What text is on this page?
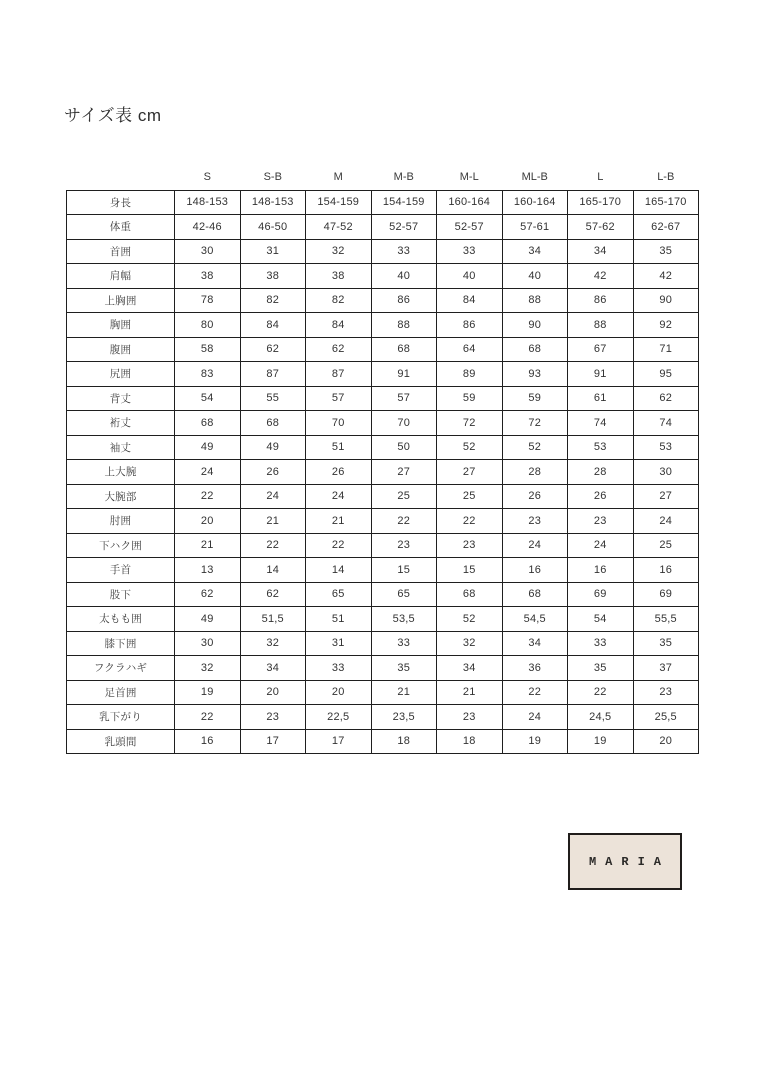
サイズ表 cm
	S	S-B	M	M-B	M-L	ML-B	L	L-B
身長	148-153	148-153	154-159	154-159	160-164	160-164	165-170	165-170
体重	42-46	46-50	47-52	52-57	52-57	57-61	57-62	62-67
首囲	30	31	32	33	33	34	34	35
肩幅	38	38	38	40	40	40	42	42
上胸囲	78	82	82	86	84	88	86	90
胸囲	80	84	84	88	86	90	88	92
腹囲	58	62	62	68	64	68	67	71
尻囲	83	87	87	91	89	93	91	95
背丈	54	55	57	57	59	59	61	62
裄丈	68	68	70	70	72	72	74	74
袖丈	49	49	51	50	52	52	53	53
上大腕	24	26	26	27	27	28	28	30
大腕部	22	24	24	25	25	26	26	27
肘囲	20	21	21	22	22	23	23	24
下ハク囲	21	22	22	23	23	24	24	25
手首	13	14	14	15	15	16	16	16
股下	62	62	65	65	68	68	69	69
太もも囲	49	51,5	51	53,5	52	54,5	54	55,5
膝下囲	30	32	31	33	32	34	33	35
フクラハギ	32	34	33	35	34	36	35	37
足首囲	19	20	20	21	21	22	22	23
乳下がり	22	23	22,5	23,5	23	24	24,5	25,5
乳頭間	16	17	17	18	18	19	19	20
MARIA
